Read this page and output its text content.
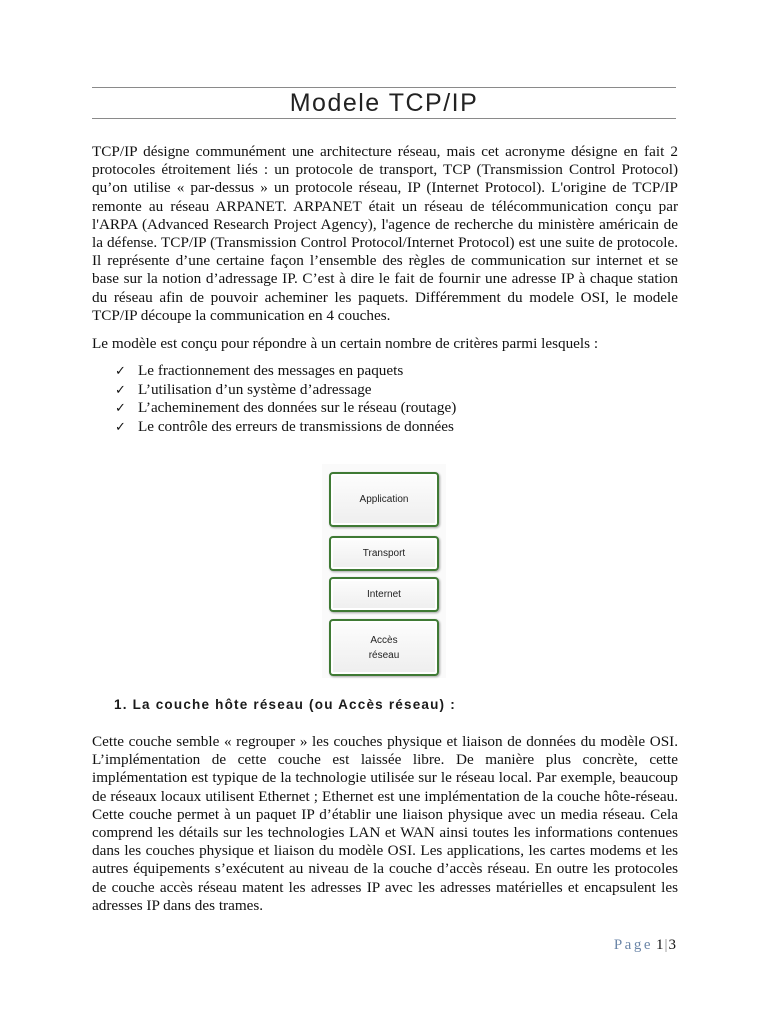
Modele TCP/IP

TCP/IP désigne communément une architecture réseau, mais cet acronyme désigne en fait 2 protocoles étroitement liés : un protocole de transport, TCP (Transmission Control Protocol) qu’on utilise « par-dessus » un protocole réseau, IP (Internet Protocol). L'origine de TCP/IP remonte au réseau ARPANET. ARPANET était un réseau de télécommunication conçu par l'ARPA (Advanced Research Project Agency), l'agence de recherche du ministère américain de la défense. TCP/IP (Transmission Control Protocol/Internet Protocol) est une suite de protocole. Il représente d’une certaine façon l’ensemble des règles de communication sur internet et se base sur la notion d’adressage IP. C’est à dire le fait de fournir une adresse IP à chaque station du réseau afin de pouvoir acheminer les paquets. Différemment du modele OSI, le modele TCP/IP découpe la communication en 4 couches.

Le modèle est conçu pour répondre à un certain nombre de critères parmi lesquels :

✓ Le fractionnement des messages en paquets
✓ L’utilisation d’un système d’adressage
✓ L’acheminement des données sur le réseau (routage)
✓ Le contrôle des erreurs de transmissions de données
Application
Transport
Internet
Accès
réseau
1. La couche hôte réseau (ou Accès réseau) :

Cette couche semble « regrouper » les couches physique et liaison de données du modèle OSI. L’implémentation de cette couche est laissée libre. De manière plus concrète, cette implémentation est typique de la technologie utilisée sur le réseau local. Par exemple, beaucoup de réseaux locaux utilisent Ethernet ; Ethernet est une implémentation de la couche hôte-réseau. Cette couche permet à un paquet IP d’établir une liaison physique avec un media réseau. Cela comprend les détails sur les technologies LAN et WAN ainsi toutes les informations contenues dans les couches physique et liaison du modèle OSI. Les applications, les cartes modems et les autres équipements s’exécutent au niveau de la couche d’accès réseau. En outre les protocoles de couche accès réseau matent les adresses IP avec les adresses matérielles et encapsulent les adresses IP dans des trames.

Page 1|3
